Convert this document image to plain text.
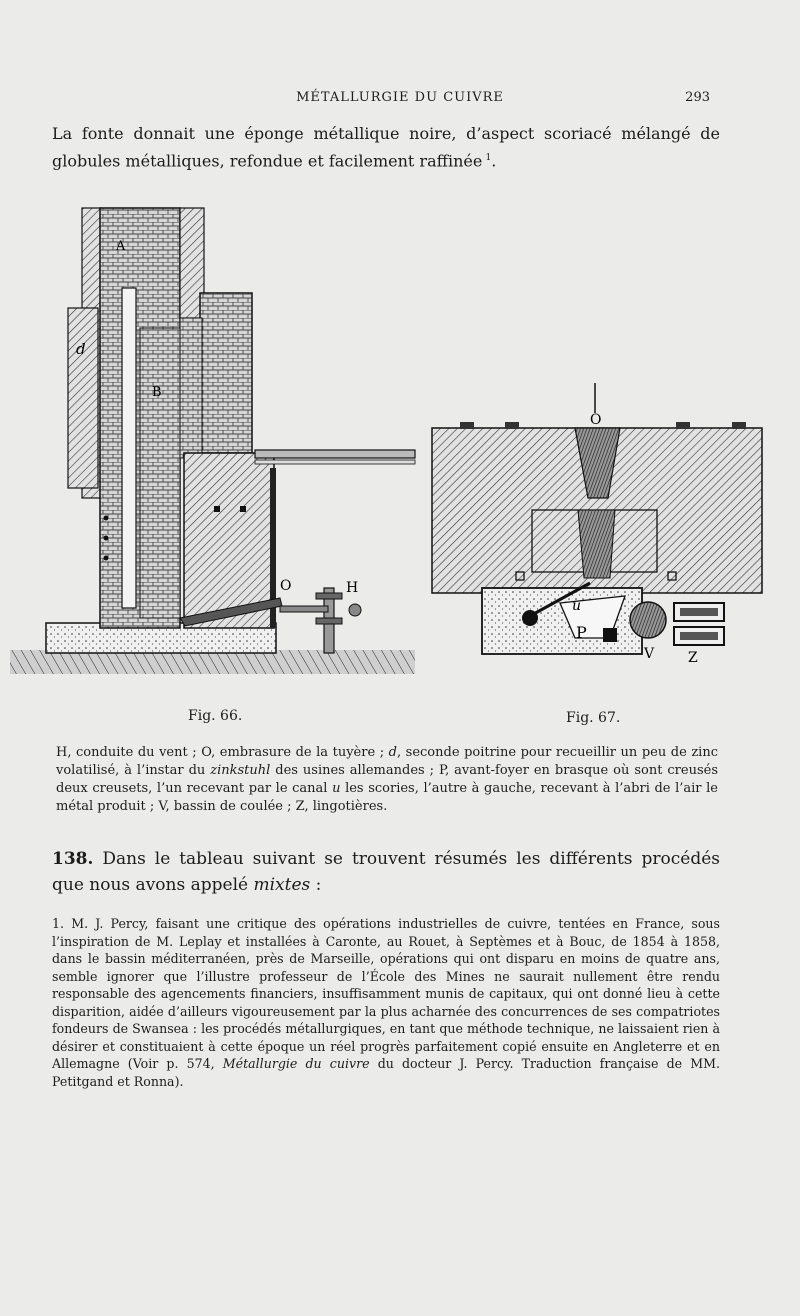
MÉTALLURGIE DU CUIVRE	293
La fonte donnait une éponge métallique noire, d’aspect scoriacé mélangé de globules métalliques, refondue et facilement raffinée  $^1$.
A
d
B
O	H
O
u
P
V Z
Fig. 66.	Fig. 67.
H, conduite du vent ; O, embrasure de la tuyère ; d, seconde poitrine pour recueillir un peu de zinc volatilisé, à l’instar du zinkstuhl des usines allemandes ; P, avant-foyer en brasque où sont creusés deux creusets, l’un recevant par le canal u les scories, l’autre à gauche, recevant à l’abri de l’air le métal produit ; V, bassin de coulée ; Z, lingotières.
138. Dans le tableau suivant se trouvent résumés les différents procédés que nous avons appelé mixtes :
1. M. J. Percy, faisant une critique des opérations industrielles de cuivre, tentées en France, sous l’inspiration de M. Leplay et installées à Caronte, au Rouet, à Septèmes et à Bouc, de 1854 à 1858, dans le bassin méditerranéen, près de Marseille, opérations qui ont disparu en moins de quatre ans, semble ignorer que l’illustre professeur de l’École des Mines ne saurait nullement être rendu responsable des agencements financiers, insuffisamment munis de capitaux, qui ont donné lieu à cette disparition, aidée d’ailleurs vigoureusement par la plus acharnée des concurrences de ses compatriotes fondeurs de Swansea : les procédés métallurgiques, en tant que méthode technique, ne laissaient rien à désirer et constituaient à cette époque un réel progrès parfaitement copié ensuite en Angleterre et en Allemagne (Voir p. 574, Métallurgie du cuivre du docteur J. Percy. Traduction française de MM. Petitgand et Ronna).
